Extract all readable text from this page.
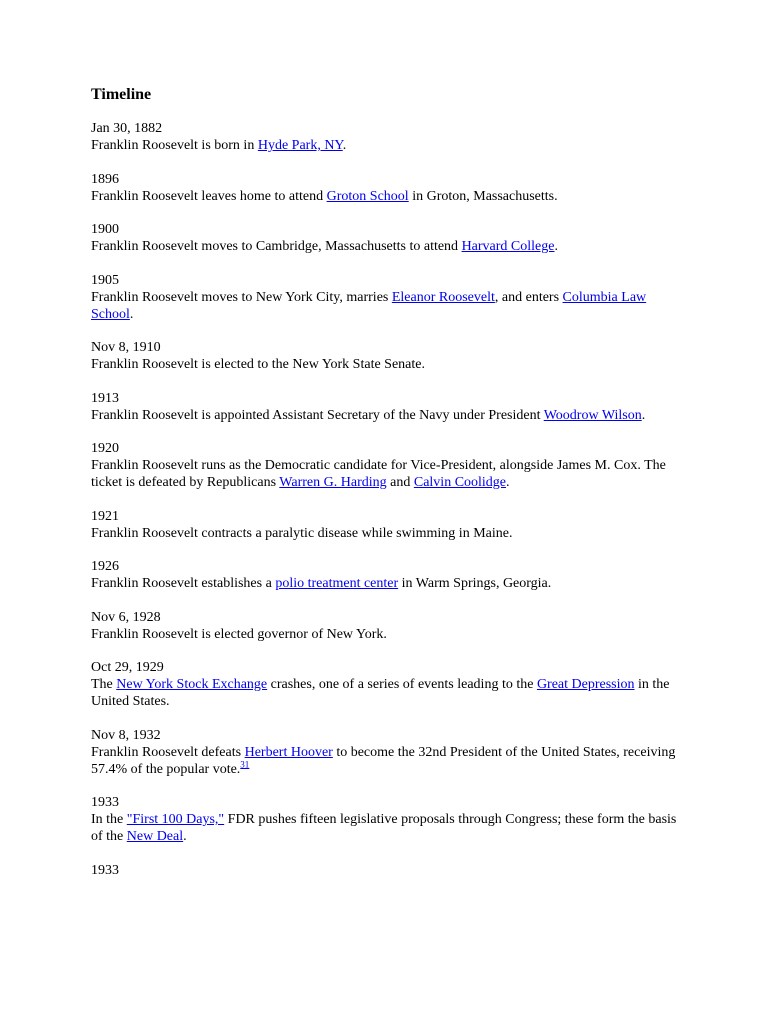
Timeline
Jan 30, 1882
Franklin Roosevelt is born in Hyde Park, NY.
1896
Franklin Roosevelt leaves home to attend Groton School in Groton, Massachusetts.
1900
Franklin Roosevelt moves to Cambridge, Massachusetts to attend Harvard College.
1905
Franklin Roosevelt moves to New York City, marries Eleanor Roosevelt, and enters Columbia Law School.
Nov 8, 1910
Franklin Roosevelt is elected to the New York State Senate.
1913
Franklin Roosevelt is appointed Assistant Secretary of the Navy under President Woodrow Wilson.
1920
Franklin Roosevelt runs as the Democratic candidate for Vice-President, alongside James M. Cox. The ticket is defeated by Republicans Warren G. Harding and Calvin Coolidge.
1921
Franklin Roosevelt contracts a paralytic disease while swimming in Maine.
1926
Franklin Roosevelt establishes a polio treatment center in Warm Springs, Georgia.
Nov 6, 1928
Franklin Roosevelt is elected governor of New York.
Oct 29, 1929
The New York Stock Exchange crashes, one of a series of events leading to the Great Depression in the United States.
Nov 8, 1932
Franklin Roosevelt defeats Herbert Hoover to become the 32nd President of the United States, receiving 57.4% of the popular vote.$^{31}$
1933
In the "First 100 Days," FDR pushes fifteen legislative proposals through Congress; these form the basis of the New Deal.
1933
